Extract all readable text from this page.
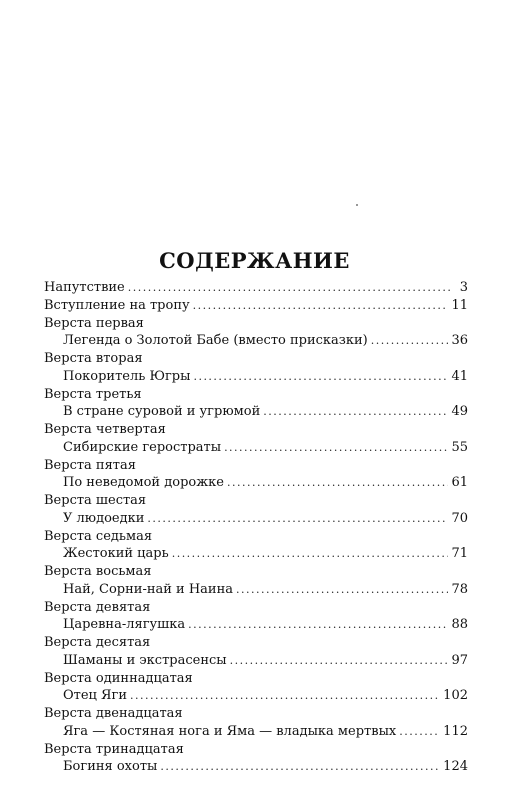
СОДЕРЖАНИЕ
Напутствие . . .	3
Вступление на тропу . . .	11
Верста первая
Легенда о Золотой Бабе (вместо присказки) . . .	36
Верста вторая
Покоритель Югры . . .	41
Верста третья
В стране суровой и угрюмой . . .	49
Верста четвертая
Сибирские геростраты . . .	55
Верста пятая
По неведомой дорожке . . .	61
Верста шестая
У людоедки . . .	70
Верста седьмая
Жестокий царь . . .	71
Верста восьмая
Най, Сорни-най и Наина . . .	78
Верста девятая
Царевна-лягушка . . .	88
Верста десятая
Шаманы и экстрасенсы . . .	97
Верста одиннадцатая
Отец Яги . . .	102
Верста двенадцатая
Яга — Костяная нога и Яма — владыка мертвых . . .	112
Верста тринадцатая
Богиня охоты . . .	124
